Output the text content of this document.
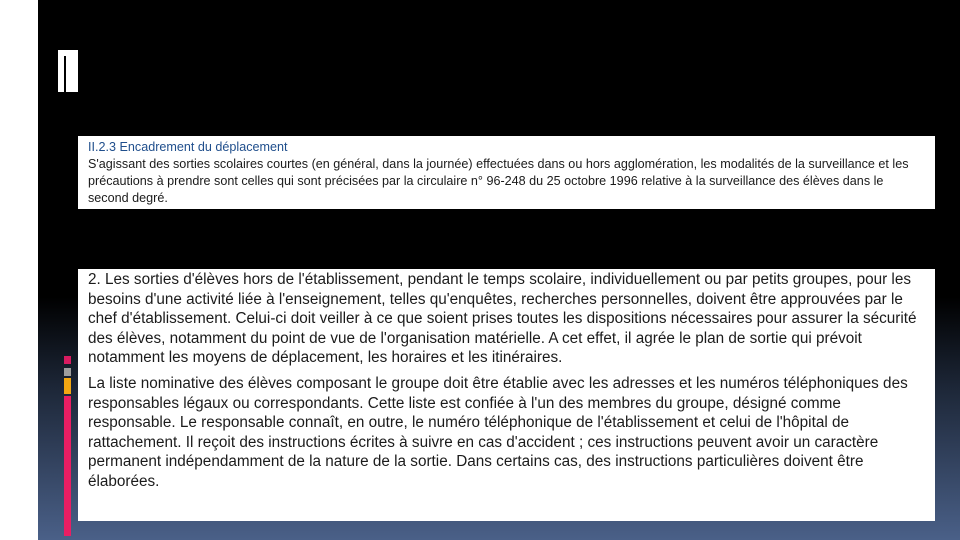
II.2.3 Encadrement du déplacement
S'agissant des sorties scolaires courtes (en général, dans la journée) effectuées dans ou hors agglomération, les modalités de la surveillance et les précautions à prendre sont celles qui sont précisées par la circulaire n° 96-248 du 25 octobre 1996 relative à la surveillance des élèves dans le second degré.

2. Les sorties d'élèves hors de l'établissement, pendant le temps scolaire, individuellement ou par petits groupes, pour les besoins d'une activité liée à l'enseignement, telles qu'enquêtes, recherches personnelles, doivent être approuvées par le chef d'établissement. Celui-ci doit veiller à ce que soient prises toutes les dispositions nécessaires pour assurer la sécurité des élèves, notamment du point de vue de l'organisation matérielle. A cet effet, il agrée le plan de sortie qui prévoit notamment les moyens de déplacement, les horaires et les itinéraires.

La liste nominative des élèves composant le groupe doit être établie avec les adresses et les numéros téléphoniques des responsables légaux ou correspondants. Cette liste est confiée à l'un des membres du groupe, désigné comme responsable. Le responsable connaît, en outre, le numéro téléphonique de l'établissement et celui de l'hôpital de rattachement. Il reçoit des instructions écrites à suivre en cas d'accident ; ces instructions peuvent avoir un caractère permanent indépendamment de la nature de la sortie. Dans certains cas, des instructions particulières doivent être élaborées.
